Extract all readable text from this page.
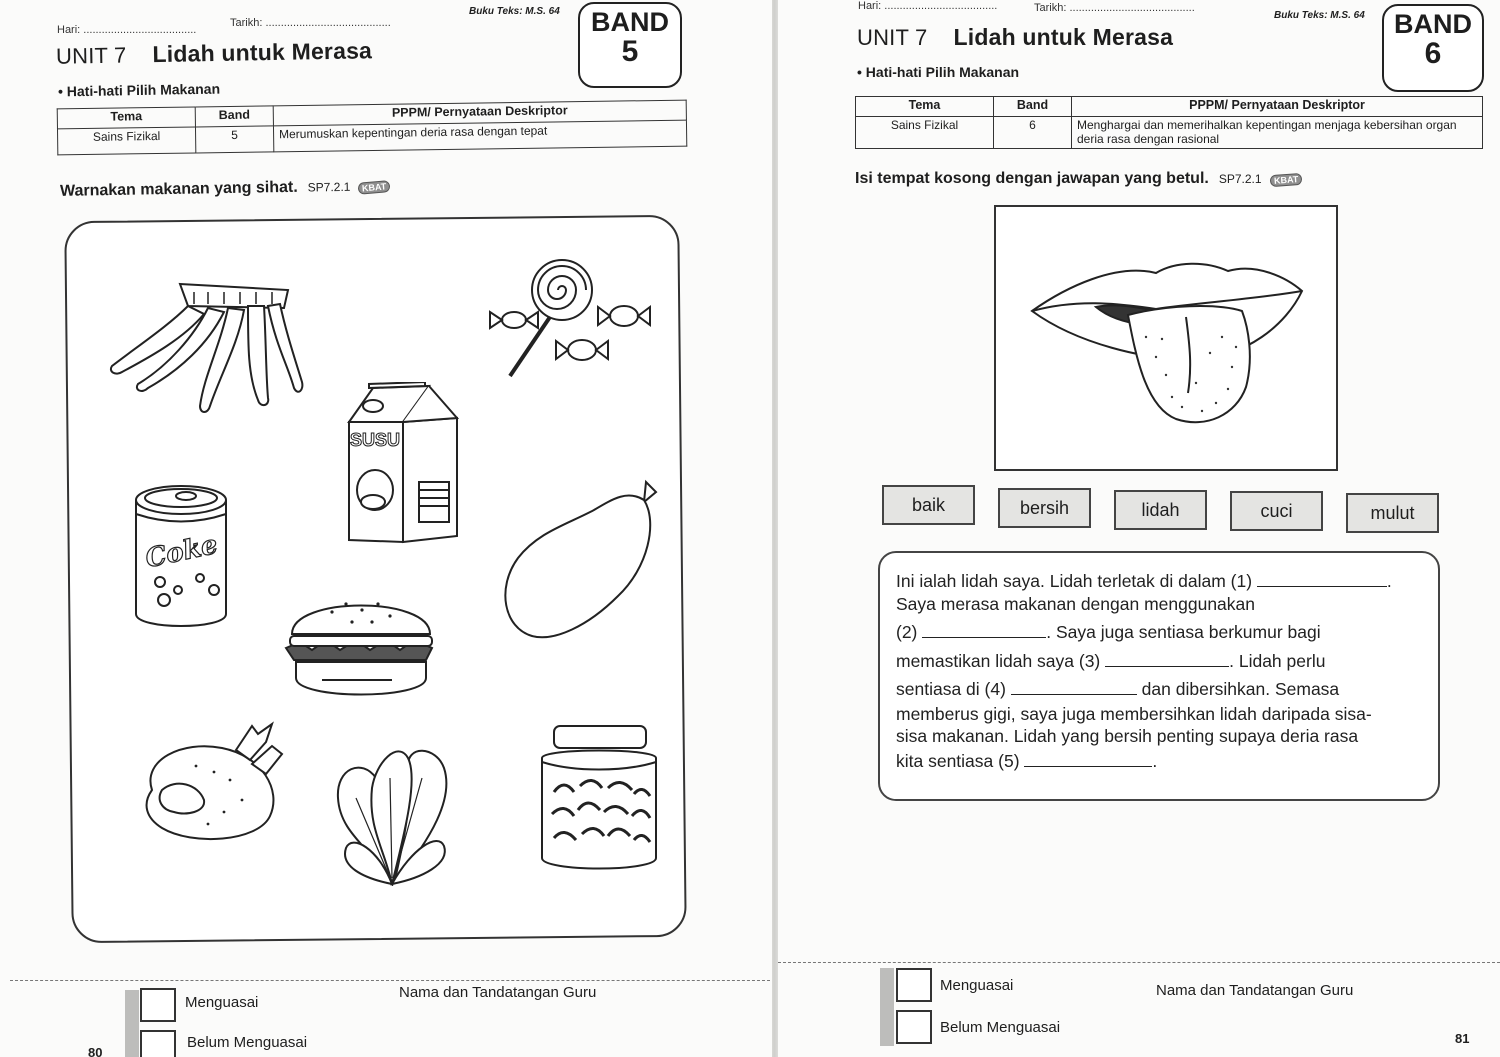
Hari: .....................................
Tarikh: .........................................
Buku Teks: M.S. 64	BAND
5
UNIT 7 Lidah untuk Merasa
• Hati-hati Pilih Makanan
Tema	Band	PPPM/ Pernyataan Deskriptor
Sains Fizikal	5	Merumuskan kepentingan deria rasa dengan tepat
Warnakan makanan yang sihat. SP7.2.1 KBAT
SUSU
Coke
Menguasai
Belum Menguasai
Nama dan Tandatangan Guru
80
Hari: .....................................	Tarikh: .........................................
Buku Teks: M.S. 64	BAND
6
UNIT 7 Lidah untuk Merasa
• Hati-hati Pilih Makanan
Tema	Band	PPPM/ Pernyataan Deskriptor
Sains Fizikal	6	Menghargai dan memerihalkan kepentingan menjaga kebersihan organ deria rasa dengan rasional
Isi tempat kosong dengan jawapan yang betul. SP7.2.1 KBAT
baik	bersih	lidah	cuci	mulut
Ini ialah lidah saya. Lidah terletak di dalam (1)	.
Saya merasa makanan dengan menggunakan
(2)	. Saya juga sentiasa berkumur bagi
memastikan lidah saya (3)	. Lidah perlu
sentiasa di (4)	dan dibersihkan. Semasa
memberus gigi, saya juga membersihkan lidah daripada sisa-
sisa makanan. Lidah yang bersih penting supaya deria rasa
kita sentiasa (5)	.
Menguasai
Belum Menguasai
Nama dan Tandatangan Guru
81
